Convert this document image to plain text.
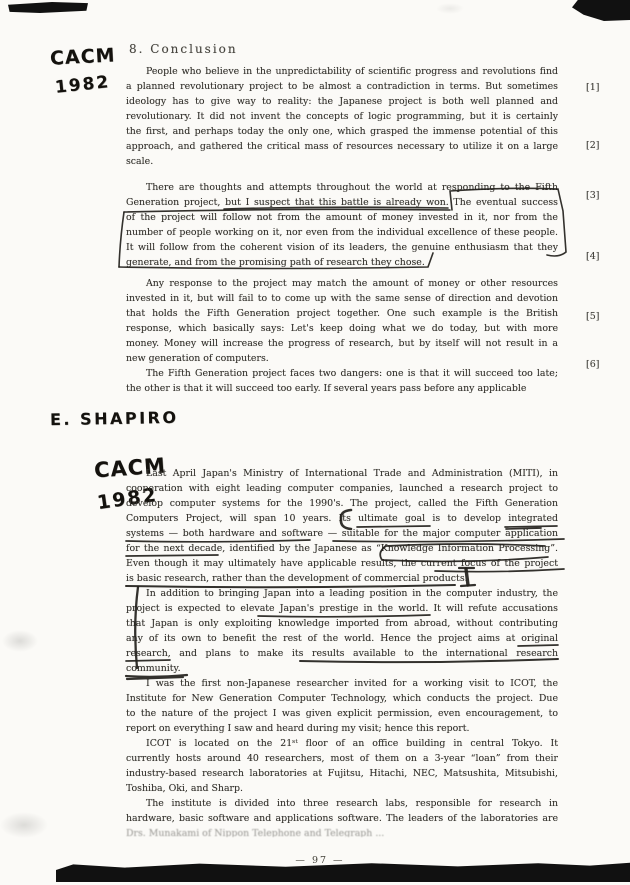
CACM
1982
E. SHAPIRO
CACM
1982
8. Conclusion
People who believe in the unpredictability of scientific progress and revolutions find
a planned revolutionary project to be almost a contradiction in terms. But sometimes
ideology has to give way to reality: the Japanese project is both well planned and
revolutionary. It did not invent the concepts of logic programming, but it is certainly
the first, and perhaps today the only one, which grasped the immense potential of this
approach, and gathered the critical mass of resources necessary to utilize it on a large
scale.
There are thoughts and attempts throughout the world at responding to the Fifth
Generation project, but I suspect that this battle is already won. The eventual success
of the project will follow not from the amount of money invested in it, nor from the
number of people working on it, nor even from the individual excellence of these people.
It will follow from the coherent vision of its leaders, the genuine enthusiasm that they
generate, and from the promising path of research they chose.
Any response to the project may match the amount of money or other resources
invested in it, but will fail to to come up with the same sense of direction and devotion
that holds the Fifth Generation project together. One such example is the British
response, which basically says: Let's keep doing what we do today, but with more
money. Money will increase the progress of research, but by itself will not result in a
new generation of computers.
The Fifth Generation project faces two dangers: one is that it will succeed too late;
the other is that it will succeed too early. If several years pass before any applicable
Last April Japan's Ministry of International Trade and Administration (MITI), in
cooperation with eight leading computer companies, launched a research project to
develop computer systems for the 1990's. The project, called the Fifth Generation
Computers Project, will span 10 years. Its ultimate goal is to develop integrated
systems — both hardware and software — suitable for the major computer application
for the next decade, identified by the Japanese as “Knowledge Information Processing”.
Even though it may ultimately have applicable results, the current focus of the project
is basic research, rather than the development of commercial products.
In addition to bringing Japan into a leading position in the computer industry, the
project is expected to elevate Japan's prestige in the world. It will refute accusations
that Japan is only exploiting knowledge imported from abroad, without contributing
any of its own to benefit the rest of the world. Hence the project aims at original
research, and plans to make its results available to the international research
community.
I was the first non-Japanese researcher invited for a working visit to ICOT, the
Institute for New Generation Computer Technology, which conducts the project. Due
to the nature of the project I was given explicit permission, even encouragement, to
report on everything I saw and heard during my visit; hence this report.
ICOT is located on the 21ˢᵗ floor of an office building in central Tokyo. It
currently hosts around 40 researchers, most of them on a 3-year “loan” from their
industry-based research laboratories at Fujitsu, Hitachi, NEC, Matsushita, Mitsubishi,
Toshiba, Oki, and Sharp.
The institute is divided into three research labs, responsible for research in
hardware, basic software and applications software. The leaders of the laboratories are
Drs. Munakami of Nippon Telephone and Telegraph ...
[1]
[2]
[3]
[4]
[5]
[6]
— 97 —
